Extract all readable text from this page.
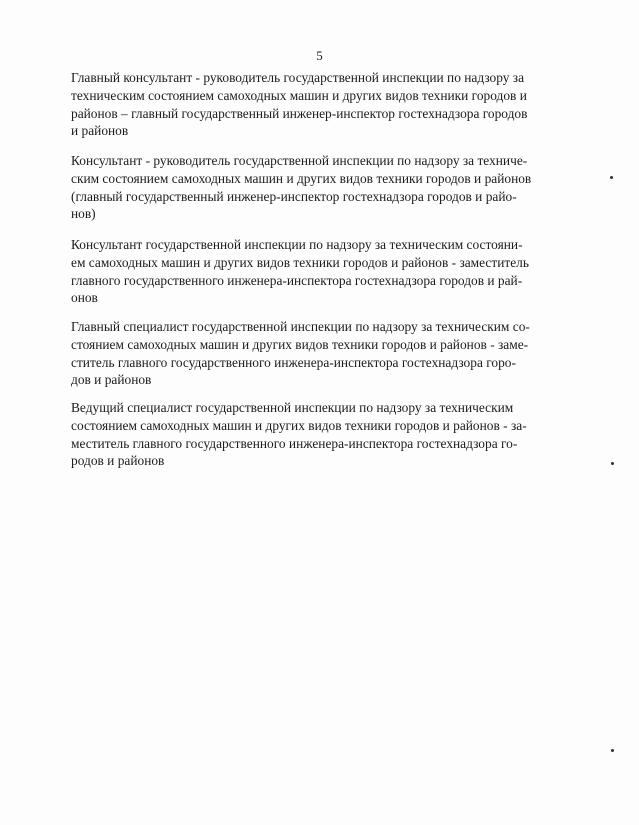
5

Главный консультант - руководитель государственной инспекции по надзору за
техническим состоянием самоходных машин и других видов техники городов и
районов – главный государственный инженер-инспектор гостехнадзора городов
и районов

Консультант - руководитель государственной инспекции по надзору за техниче-
ским состоянием самоходных машин и других видов техники городов и районов
(главный государственный инженер-инспектор гостехнадзора городов и райо-
нов)

Консультант государственной инспекции по надзору за техническим состояни-
ем самоходных машин и других видов техники городов и районов - заместитель
главного государственного инженера-инспектора гостехнадзора городов и рай-
онов

Главный специалист государственной инспекции по надзору за техническим со-
стоянием самоходных машин и других видов техники городов и районов - заме-
ститель главного государственного инженера-инспектора гостехнадзора горо-
дов и районов

Ведущий специалист государственной инспекции по надзору за техническим
состоянием самоходных машин и других видов техники городов и районов - за-
меститель главного государственного инженера-инспектора гостехнадзора го-
родов и районов
